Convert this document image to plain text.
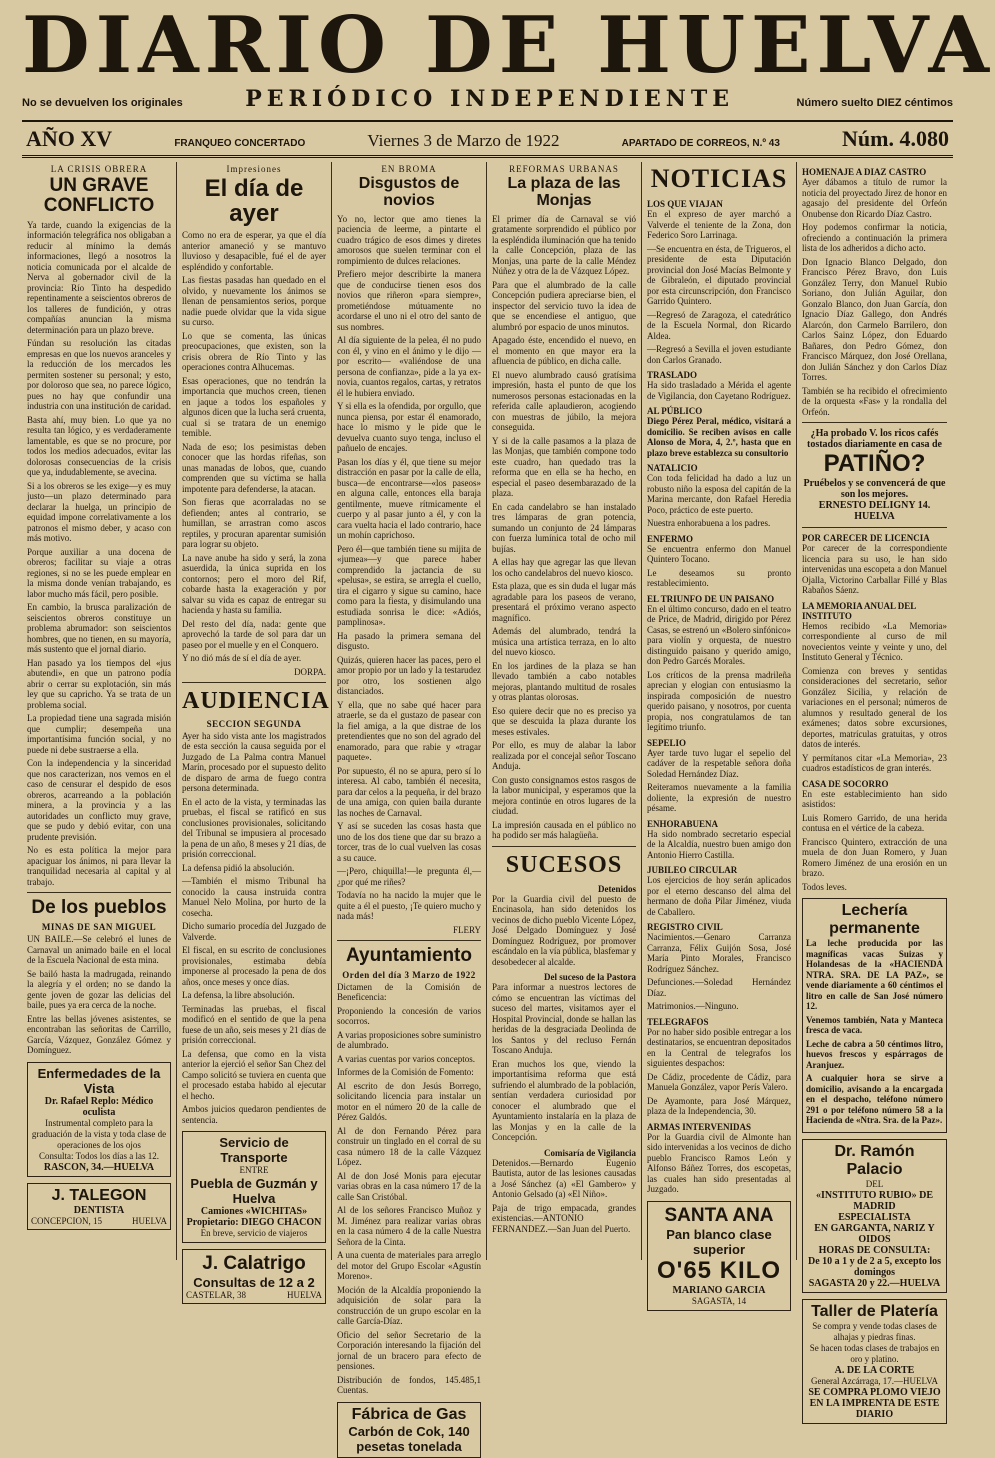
DIARIO DE HUELVA
No se devuelven los originales	PERIÓDICO INDEPENDIENTE	Número suelto DIEZ céntimos
AÑO XV	FRANQUEO CONCERTADO	Viernes 3 de Marzo de 1922	APARTADO DE CORREOS, N.º 43	Núm. 4.080
LA CRISIS OBRERA
UN GRAVE CONFLICTO

Ya tarde, cuando la exigencias de la información telegráfica nos obligaban a reducir al mínimo la demás informaciones, llegó a nosotros la noticia comunicada por el alcalde de Nerva al gobernador civil de la provincia: Río Tinto ha despedido repentinamente a seiscientos obreros de los talleres de fundición, y otras compañías anuncian la misma determinación para un plazo breve.

Fúndan su resolución las citadas empresas en que los nuevos aranceles y la reducción de los mercados les permiten sostener su personal; y esto, por doloroso que sea, no parece lógico, pues no hay que confundir una industria con una institución de caridad.

Basta ahí, muy bien. Lo que ya no resulta tan lógico, y es verdaderamente lamentable, es que se no procure, por todos los medios adecuados, evitar las dolorosas consecuencias de la crisis que ya, indudablemente, se avecina.

Si a los obreros se les exige—y es muy justo—un plazo determinado para declarar la huelga, un principio de equidad impone correlativamente a los patronos el mismo deber, y acaso con más motivo.

Porque auxiliar a una docena de obreros; facilitar su viaje a otras regiones, si no se les puede emplear en la misma donde venían trabajando, es labor mucho más fácil, pero posible.

En cambio, la brusca paralización de seiscientos obreros constituye un problema abrumador: son seiscientos hombres, que no tienen, en su mayoría, más sustento que el jornal diario.

Han pasado ya los tiempos del «jus abutendi», en que un patrono podía abrir o cerrar su explotación, sin más ley que su capricho. Ya se trata de un problema social.

La propiedad tiene una sagrada misión que cumplir; desempeña una importantísima función social, y no puede ni debe sustraerse a ella.

Con la independencia y la sinceridad que nos caracterizan, nos vemos en el caso de censurar el despido de esos obreros, acarreando a la población minera, a la provincia y a las autoridades un conflicto muy grave, que se pudo y debió evitar, con una prudente previsión.

No es esta política la mejor para apaciguar los ánimos, ni para llevar la tranquilidad necesaria al capital y al trabajo.

De los pueblos
MINAS DE SAN MIGUEL

UN BAILE.—Se celebró el lunes de Carnaval un animado baile en el local de la Escuela Nacional de esta mina.

Se bailó hasta la madrugada, reinando la alegría y el orden; no se dando la gente joven de gozar las delicias del baile, pues ya era cerca de la noche.

Entre las bellas jóvenes asistentes, se encontraban las señoritas de Carrillo, García, Vázquez, González Gómez y Domínguez.

Enfermedades de la Vista
Dr. Rafael Replo: Médico oculista
Instrumental completo para la graduación de la vista y toda clase de operaciones de los ojos
Consulta: Todos los días a las 12.
RASCON, 34.—HUELVA
J. TALEGON
DENTISTA
CONCEPCION, 15	HUELVA
Impresiones
El día de ayer

Como no era de esperar, ya que el día anterior amaneció y se mantuvo lluvioso y desapacible, fué el de ayer espléndido y confortable.

Las fiestas pasadas han quedado en el olvido, y nuevamente los ánimos se llenan de pensamientos serios, porque nadie puede olvidar que la vida sigue su curso.

Lo que se comenta, las únicas preocupaciones, que existen, son la crisis obrera de Río Tinto y las operaciones contra Alhucemas.

Esas operaciones, que no tendrán la importancia que muchos creen, tienen en jaque a todos los españoles y algunos dicen que la lucha será cruenta, cual si se tratara de un enemigo temible.

Nada de eso; los pesimistas deben conocer que las hordas rifeñas, son unas manadas de lobos, que, cuando comprenden que su víctima se halla impotente para defenderse, la atacan.

Son fieras que acorraladas no se defienden; antes al contrario, se humillan, se arrastran como ascos reptiles, y procuran aparentar sumisión para lograr su objeto.

La nave anube ha sido y será, la zona asuerdida, la única suprida en los contornos; pero el moro del Rif, cobarde hasta la exageración y por salvar su vida es capaz de entregar su hacienda y hasta su familia.

Del resto del día, nada: gente que aprovechó la tarde de sol para dar un paseo por el muelle y en el Conquero.

Y no dió más de sí el día de ayer.

DORPA.
AUDIENCIA
SECCION SEGUNDA

Ayer ha sido vista ante los magistrados de esta sección la causa seguida por el Juzgado de La Palma contra Manuel Marín, procesado por el supuesto delito de disparo de arma de fuego contra persona determinada.

En el acto de la vista, y terminadas las pruebas, el fiscal se ratificó en sus conclusiones provisionales, solicitando del Tribunal se impusiera al procesado la pena de un año, 8 meses y 21 días, de prisión correccional.

La defensa pidió la absolución.

—También el mismo Tribunal ha conocido la causa instruida contra Manuel Nelo Molina, por hurto de la cosecha.

Dicho sumario procedía del Juzgado de Valverde.

El fiscal, en su escrito de conclusiones provisionales, estimaba debía imponerse al procesado la pena de dos años, once meses y once días.

La defensa, la libre absolución.

Terminadas las pruebas, el fiscal modificó en el sentido de que la pena fuese de un año, seis meses y 21 días de prisión correccional.

La defensa, que como en la vista anterior la ejerció el señor San Chez del Campo solicitó se tuviera en cuenta que el procesado estaba habido al ejecutar el hecho.

Ambos juicios quedaron pendientes de sentencia.

Servicio de Transporte
ENTRE
Puebla de Guzmán y Huelva
Camiones «WICHITAS»
Propietario: DIEGO CHACON
En breve, servicio de viajeros
J. Calatrigo
Consultas de 12 a 2
CASTELAR, 38	HUELVA
EN BROMA
Disgustos de novios

Yo no, lector que amo tienes la paciencia de leerme, a pintarte el cuadro trágico de esos dimes y diretes amorosos que suelen terminar con el rompimiento de dulces relaciones.

Prefiero mejor describirte la manera que de conducirse tienen esos dos novios que riñeron «para siempre», prometiéndose mútuamente no acordarse el uno ni el otro del santo de sus nombres.

Al día siguiente de la pelea, él no pudo con él, y vino en el ánimo y le dijo —por escrito— «valiéndose de una persona de confianza», pide a la ya ex-novia, cuantos regalos, cartas, y retratos él le hubiera enviado.

Y si ella es la ofendida, por orgullo, que nunca piensa, por estar él enamorado, hace lo mismo y le pide que le devuelva cuanto suyo tenga, incluso el pañuelo de encajes.

Pasan los días y él, que tiene su mejor distracción en pasar por la calle de ella, busca—de encontrarse—«los paseos» en alguna calle, entonces ella baraja gentilmente, mueve rítmicamente el cuerpo y al pasar junto a él, y con la cara vuelta hacia el lado contrario, hace un mohín caprichoso.

Pero él—que también tiene su mijita de «jumea»—y que parece haber comprendido la jactancia de su «pelusa», se estira, se arregla el cuello, tira el cigarro y sigue su camino, hace como para la fiesta, y disimulando una estudiada sonrisa le dice: «Adiós, pamplinosa».

Ha pasado la primera semana del disgusto.

Quizás, quieren hacer las paces, pero el amor propio por un lado y la testarudez por otro, los sostienen algo distanciados.

Y ella, que no sabe qué hacer para atraerle, se da el gustazo de pasear con la fiel amiga, a la que distrae de los pretendientes que no son del agrado del enamorado, para que rabie y «tragar paquete».

Por supuesto, él no se apura, pero sí lo interesa. Al cabo, también él necesita, para dar celos a la pequeña, ir del brazo de una amiga, con quien baila durante las noches de Carnaval.

Y así se suceden las cosas hasta que uno de los dos tiene que dar su brazo a torcer, tras de lo cual vuelven las cosas a su cauce.

—¡Pero, chiquilla!—le pregunta él,—¿por qué me riñes?

Todavía no ha nacido la mujer que le quite a él el puesto, ¡Te quiero mucho y nada más!

FLERY
Ayuntamiento
Orden del día 3 Marzo de 1922

Dictamen de la Comisión de Beneficencia:

Proponiendo la concesión de varios socorros.

A varias proposiciones sobre suministro de alumbrado.

A varias cuentas por varios conceptos.

Informes de la Comisión de Fomento:

Al escrito de don Jesús Borrego, solicitando licencia para instalar un motor en el número 20 de la calle de Pérez Galdós.

Al de don Fernando Pérez para construir un tinglado en el corral de su casa número 18 de la calle Vázquez López.

Al de don José Monis para ejecutar varias obras en la casa número 17 de la calle San Cristóbal.

Al de los señores Francisco Muñoz y M. Jiménez para realizar varias obras en la casa número 4 de la calle Nuestra Señora de la Cinta.

A una cuenta de materiales para arreglo del motor del Grupo Escolar «Agustín Moreno».

Moción de la Alcaldía proponiendo la adquisición de solar para la construcción de un grupo escolar en la calle García-Díaz.

Oficio del señor Secretario de la Corporación interesando la fijación del jornal de un bracero para efecto de pensiones.

Distribución de fondos, 145.485,1 Cuentas.

Fábrica de Gas
Carbón de Cok, 140 pesetas tonelada
REFORMAS URBANAS
La plaza de las Monjas

El primer día de Carnaval se vió gratamente sorprendido el público por la espléndida iluminación que ha tenido la calle Concepción, plaza de las Monjas, una parte de la calle Méndez Núñez y otra de la de Vázquez López.

Para que el alumbrado de la calle Concepción pudiera apreciarse bien, el inspector del servicio tuvo la idea de que se encendiese el antiguo, que alumbró por espacio de unos minutos.

Apagado éste, encendido el nuevo, en el momento en que mayor era la afluencia de público, en dicha calle.

El nuevo alumbrado causó gratísima impresión, hasta el punto de que los numerosos personas estacionadas en la referida calle aplaudieron, acogiendo con muestras de júbilo, la mejora conseguida.

Y si de la calle pasamos a la plaza de las Monjas, que también compone todo este cuadro, han quedado tras la reforma que en ella se ha hecho, en especial el paseo desembarazado de la plaza.

En cada candelabro se han instalado tres lámparas de gran potencia, sumando un conjunto de 24 lámparas con fuerza lumínica total de ocho mil bujías.

A ellas hay que agregar las que llevan los ocho candelabros del nuevo kiosco.

Esta plaza, que es sin duda el lugar más agradable para los paseos de verano, presentará el próximo verano aspecto magnífico.

Además del alumbrado, tendrá la música una artística terraza, en lo alto del nuevo kiosco.

En los jardines de la plaza se han llevado también a cabo notables mejoras, plantando multitud de rosales y otras plantas olorosas.

Eso quiere decir que no es preciso ya que se descuida la plaza durante los meses estivales.

Por ello, es muy de alabar la labor realizada por el concejal señor Toscano Anduja.

Con gusto consignamos estos rasgos de la labor municipal, y esperamos que la mejora continúe en otros lugares de la ciudad.

La impresión causada en el público no ha podido ser más halagüeña.

SUCESOS
Detenidos

Por la Guardia civil del puesto de Encinasola, han sido detenidos los vecinos de dicho pueblo Vicente López, José Delgado Domínguez y José Domínguez Rodríguez, por promover escándalo en la vía pública, blasfemar y desobedecer al alcalde.

Del suceso de la Pastora

Para informar a nuestros lectores de cómo se encuentran las víctimas del suceso del martes, visitamos ayer el Hospital Provincial, donde se hallan las heridas de la desgraciada Deolinda de los Santos y del recluso Fernán Toscano Anduja.

Eran muchos los que, viendo la importantísima reforma que está sufriendo el alumbrado de la población, sentían verdadera curiosidad por conocer el alumbrado que el Ayuntamiento instalaría en la plaza de las Monjas y en la calle de la Concepción.

Comisaría de Vigilancia

Detenidos.—Bernardo Eugenio Bautista, autor de las lesiones causadas a José Sánchez (a) «El Gambero» y Antonio Gelsado (a) «El Niño».

Paja de trigo empacada, grandes existencias.—ANTONIO FERNANDEZ.—San Juan del Puerto.

NOTICIAS
LOS QUE VIAJAN

En el expreso de ayer marchó a Valverde el teniente de la Zona, don Federico Soro Larrinaga.

—Se encuentra en ésta, de Trigueros, el presidente de esta Diputación provincial don José Macías Belmonte y de Gibraleón, el diputado provincial por esta circunscripción, don Francisco Garrido Quintero.

—Regresó de Zaragoza, el catedrático de la Escuela Normal, don Ricardo Aldea.

—Regresó a Sevilla el joven estudiante don Carlos Granado.

TRASLADO

Ha sido trasladado a Mérida el agente de Vigilancia, don Cayetano Rodríguez.

AL PÚBLICO

Diego Pérez Peral, médico, visitará a domicilio. Se reciben avisos en calle Alonso de Mora, 4, 2.º, hasta que en plazo breve establezca su consultorio

NATALICIO

Con toda felicidad ha dado a luz un robusto niño la esposa del capitán de la Marina mercante, don Rafael Heredia Poco, práctico de este puerto.

Nuestra enhorabuena a los padres.

ENFERMO

Se encuentra enfermo don Manuel Quintero Tocano.

Le deseamos su pronto restablecimiento.

EL TRIUNFO DE UN PAISANO

En el último concurso, dado en el teatro de Price, de Madrid, dirigido por Pérez Casas, se estrenó un «Bolero sinfónico» para violín y orquesta, de nuestro distinguido paisano y querido amigo, don Pedro Garcés Morales.

Los críticos de la prensa madrileña aprecian y elogian con entusiasmo la inspirada composición de nuestro querido paisano, y nosotros, por cuenta propia, nos congratulamos de tan legítimo triunfo.

SEPELIO

Ayer tarde tuvo lugar el sepelio del cadáver de la respetable señora doña Soledad Hernández Díaz.

Reiteramos nuevamente a la familia doliente, la expresión de nuestro pésame.

ENHORABUENA

Ha sido nombrado secretario especial de la Alcaldía, nuestro buen amigo don Antonio Hierro Castilla.

JUBILEO CIRCULAR

Los ejercicios de hoy serán aplicados por el eterno descanso del alma del hermano de doña Pilar Jiménez, viuda de Caballero.

REGISTRO CIVIL

Nacimientos.—Genaro Carranza Carranza, Félix Guijón Sosa, José María Pinto Morales, Francisco Rodríguez Sánchez.

Defunciones.—Soledad Hernández Díaz.

Matrimonios.—Ninguno.

TELEGRAFOS

Por no haber sido posible entregar a los destinatarios, se encuentran depositados en la Central de telegrafos los siguientes despachos:

De Cádiz, procedente de Cádiz, para Manuela González, vapor Perís Valero.

De Ayamonte, para José Márquez, plaza de la Independencia, 30.

ARMAS INTERVENIDAS

Por la Guardia civil de Almonte han sido intervenidas a los vecinos de dicho pueblo Francisco Ramos León y Alfonso Báñez Torres, dos escopetas, las cuales han sido presentadas al Juzgado.

SANTA ANA
Pan blanco clase superior
O'65 KILO
MARIANO GARCIA
SAGASTA, 14
HOMENAJE A DIAZ CASTRO

Ayer dábamos a título de rumor la noticia del proyectado Jirez de honor en agasajo del presidente del Orfeón Onubense don Ricardo Díaz Castro.

Hoy podemos confirmar la noticia, ofreciendo a continuación la primera lista de los adheridos a dicho acto.

Don Ignacio Blanco Delgado, don Francisco Pérez Bravo, don Luis González Terry, don Manuel Rubio Soriano, don Julián Aguilar, don Gonzalo Blanco, don Juan García, don Ignacio Díaz Gallego, don Andrés Alarcón, don Carmelo Barrilero, don Carlos Sainz López, don Eduardo Bañares, don Pedro Gómez, don Francisco Márquez, don José Orellana, don Julián Sánchez y don Carlos Díaz Torres.

También se ha recibido el ofrecimiento de la orquesta «Fas» y la rondalla del Orfeón.

¿Ha probado V. los ricos cafés tostados diariamente en casa de
PATIÑO?
Pruébelos y se convencerá de que son los mejores.
ERNESTO DELIGNY 14. HUELVA
POR CARECER DE LICENCIA

Por carecer de la correspondiente licencia para su uso, le han sido intervenidas una escopeta a don Manuel Ojalla, Victorino Carballar Fillé y Blas Rabaños Sáenz.

LA MEMORIA ANUAL DEL INSTITUTO

Hemos recibido «La Memoria» correspondiente al curso de mil novecientos veinte y veinte y uno, del Instituto General y Técnico.

Comienza con breves y sentidas consideraciones del secretario, señor González Sicilia, y relación de variaciones en el personal; números de alumnos y resultado general de los exámenes; datos sobre excursiones, deportes, matrículas gratuitas, y otros datos de interés.

Y permítanos citar «La Memoria», 23 cuadros estadísticos de gran interés.

CASA DE SOCORRO

En este establecimiento han sido asistidos:

Luis Romero Garrido, de una herida contusa en el vértice de la cabeza.

Francisco Quintero, extracción de una muela de don Juan Romero, y Juan Romero Jiménez de una erosión en un brazo.

Todos leves.

Lechería permanente

La leche producida por las magníficas vacas Suizas y Holandesas de la «HACIENDA NTRA. SRA. DE LA PAZ», se vende diariamente a 60 céntimos el litro en calle de San José número 12.

Venemos también, Nata y Manteca fresca de vaca.

Leche de cabra a 50 céntimos litro, huevos frescos y espárragos de Aranjuez.

A cualquier hora se sirve a domicilio, avisando a la encargada en el despacho, teléfono número 291 o por teléfono número 58 a la Hacienda de «Ntra. Sra. de la Paz».

Dr. Ramón Palacio
DEL
«INSTITUTO RUBIO» DE MADRID
ESPECIALISTA
EN GARGANTA, NARIZ Y OIDOS
HORAS DE CONSULTA:
De 10 a 1 y de 2 a 5, excepto los domingos
SAGASTA 20 y 22.—HUELVA
Taller de Platería
Se compra y vende todas clases de alhajas y piedras finas.
Se hacen todas clases de trabajos en oro y platino.
A. DE LA CORTE
General Azcárraga, 17.—HUELVA
SE COMPRA PLOMO VIEJO EN LA IMPRENTA DE ESTE DIARIO
